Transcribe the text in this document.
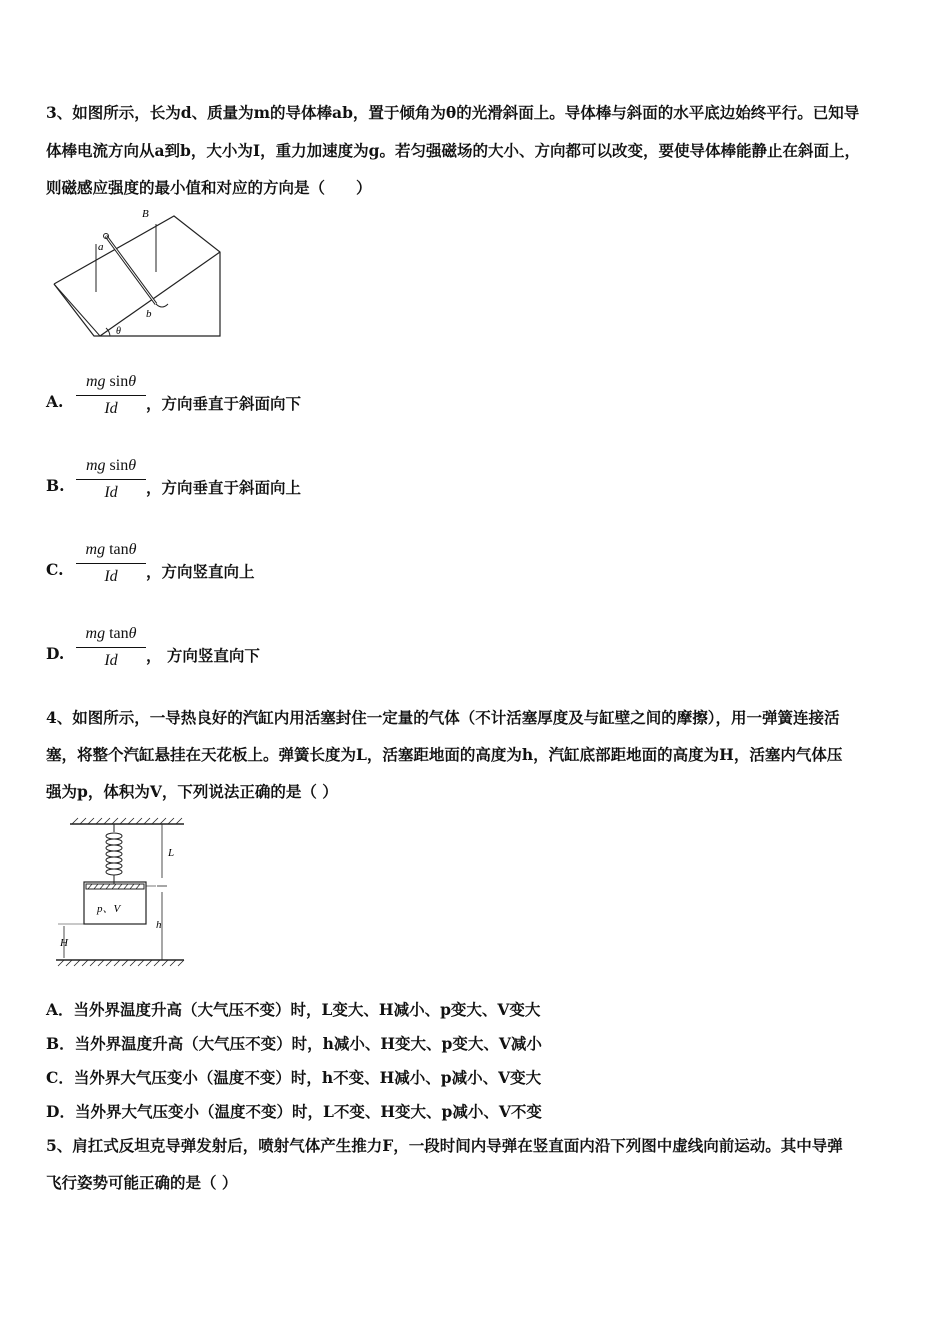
3、如图所示，长为d、质量为m的导体棒ab，置于倾角为θ的光滑斜面上。导体棒与斜面的水平底边始终平行。已知导
体棒电流方向从a到b，大小为I，重力加速度为g。若匀强磁场的大小、方向都可以改变，要使导体棒能静止在斜面上，
则磁感应强度的最小值和对应的方向是（　　）
B
a
b
θ
A.
mg sinθ
Id	，方向垂直于斜面向下
B.
mg sinθ
Id	，方向垂直于斜面向上
C.
mg tanθ
Id	，方向竖直向上
D.
mg tanθ
Id	， 方向竖直向下
4、如图所示，一导热良好的汽缸内用活塞封住一定量的气体（不计活塞厚度及与缸壁之间的摩擦），用一弹簧连接活
塞，将整个汽缸悬挂在天花板上。弹簧长度为L，活塞距地面的高度为h，汽缸底部距地面的高度为H，活塞内气体压
强为p，体积为V，下列说法正确的是（ ）
p、V
L
h
H
A．当外界温度升高（大气压不变）时，L变大、H减小、p变大、V变大
B．当外界温度升高（大气压不变）时，h减小、H变大、p变大、V减小
C．当外界大气压变小（温度不变）时，h不变、H减小、p减小、V变大
D．当外界大气压变小（温度不变）时，L不变、H变大、p减小、V不变
5、肩扛式反坦克导弹发射后，喷射气体产生推力F，一段时间内导弹在竖直面内沿下列图中虚线向前运动。其中导弹
飞行姿势可能正确的是（ ）
